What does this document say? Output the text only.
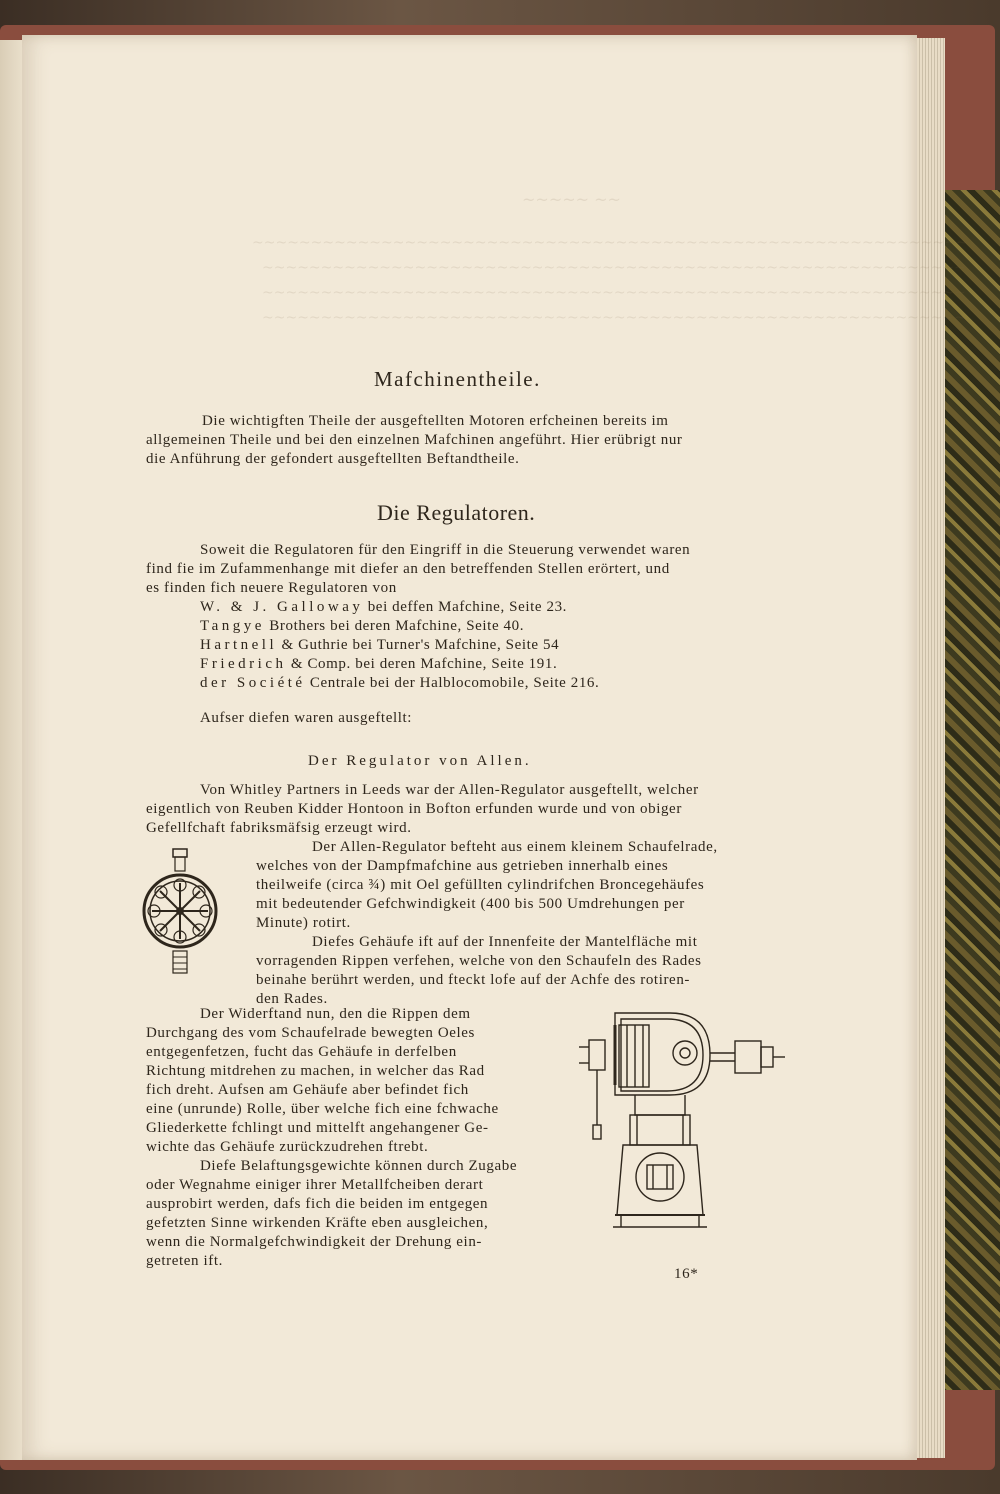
~~~~~ ~~
~~~~~~~~~~~~~~~~~~~~~~~~~~~~~~~~~~~~~~~~~~~~~~~~~~~~~~~~~~~~~
~~~~~~~~~~~~~~~~~~~~~~~~~~~~~~~~~~~~~~~~~~~~~~~~~~~~~~~~~~~~
~~~~~~~~~~~~~~~~~~~~~~~~~~~~~~~~~~~~~~~~~~~~~~~~~~~~~~~~~~~~
~~~~~~~~~~~~~~~~~~~~~~~~~~~~~~~~~~~~~~~~~~~~~~~~~~~~~~~~~~~~
Mafchinentheile.
Die wichtigften Theile der ausgeftellten Motoren erfcheinen bereits im
allgemeinen Theile und bei den einzelnen Mafchinen angeführt. Hier erübrigt nur
die Anführung der gefondert ausgeftellten Beftandtheile.
Die Regulatoren.
Soweit die Regulatoren für den Eingriff in die Steuerung verwendet waren
find fie im Zufammenhange mit diefer an den betreffenden Stellen erörtert, und
es finden fich neuere Regulatoren von
W. & J. Galloway bei deffen Mafchine, Seite 23.
Tangye Brothers bei deren Mafchine, Seite 40.
Hartnell & Guthrie bei Turner's Mafchine, Seite 54
Friedrich & Comp. bei deren Mafchine, Seite 191.
der Société Centrale bei der Halblocomobile, Seite 216.
Aufser diefen waren ausgeftellt:
Der Regulator von Allen.
Von Whitley Partners in Leeds war der Allen-Regulator ausgeftellt, welcher
eigentlich von Reuben Kidder Hontoon in Bofton erfunden wurde und von obiger
Gefellfchaft fabriksmäfsig erzeugt wird.
Der Allen-Regulator befteht aus einem kleinem Schaufelrade,
welches von der Dampfmafchine aus getrieben innerhalb eines
theilweife (circa ¾) mit Oel gefüllten cylindrifchen Broncegehäufes
mit bedeutender Gefchwindigkeit (400 bis 500 Umdrehungen per
Minute) rotirt.
Diefes Gehäufe ift auf der Innenfeite der Mantelfläche mit
vorragenden Rippen verfehen, welche von den Schaufeln des Rades
beinahe berührt werden, und fteckt lofe auf der Achfe des rotiren-
den Rades.
Der Widerftand nun, den die Rippen dem
Durchgang des vom Schaufelrade bewegten Oeles
entgegenfetzen, fucht das Gehäufe in derfelben
Richtung mitdrehen zu machen, in welcher das Rad
fich dreht. Aufsen am Gehäufe aber befindet fich
eine (unrunde) Rolle, über welche fich eine fchwache
Gliederkette fchlingt und mittelft angehangener Ge-
wichte das Gehäufe zurückzudrehen ftrebt.
Diefe Belaftungsgewichte können durch Zugabe
oder Wegnahme einiger ihrer Metallfcheiben derart
ausprobirt werden, dafs fich die beiden im entgegen
gefetzten Sinne wirkenden Kräfte eben ausgleichen,
wenn die Normalgefchwindigkeit der Drehung ein-
getreten ift.
16*
